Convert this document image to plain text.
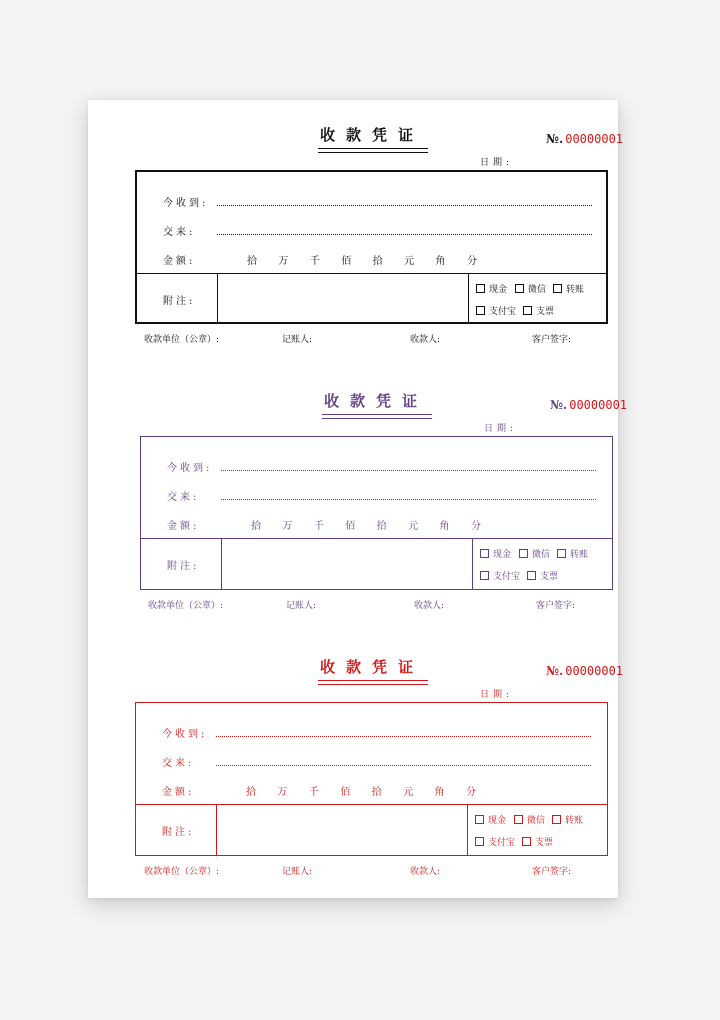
收款凭证	№. 00000001
日期:
今收到:
交来:
金额:	拾 万 千 佰 拾 元 角 分
附注:
现金	微信	转账
支付宝	支票
收款单位（公章）:	记账人:	收款人:	客户签字:
收款凭证	№. 00000001
日期:
今收到:
交来:
金额:	拾 万 千 佰 拾 元 角 分
附注:
现金	微信	转账
支付宝	支票
收款单位（公章）:	记账人:	收款人:	客户签字:
收款凭证	№. 00000001
日期:
今收到:
交来:
金额:	拾 万 千 佰 拾 元 角 分
附注:
现金	微信	转账
支付宝	支票
收款单位（公章）:	记账人:	收款人:	客户签字:
